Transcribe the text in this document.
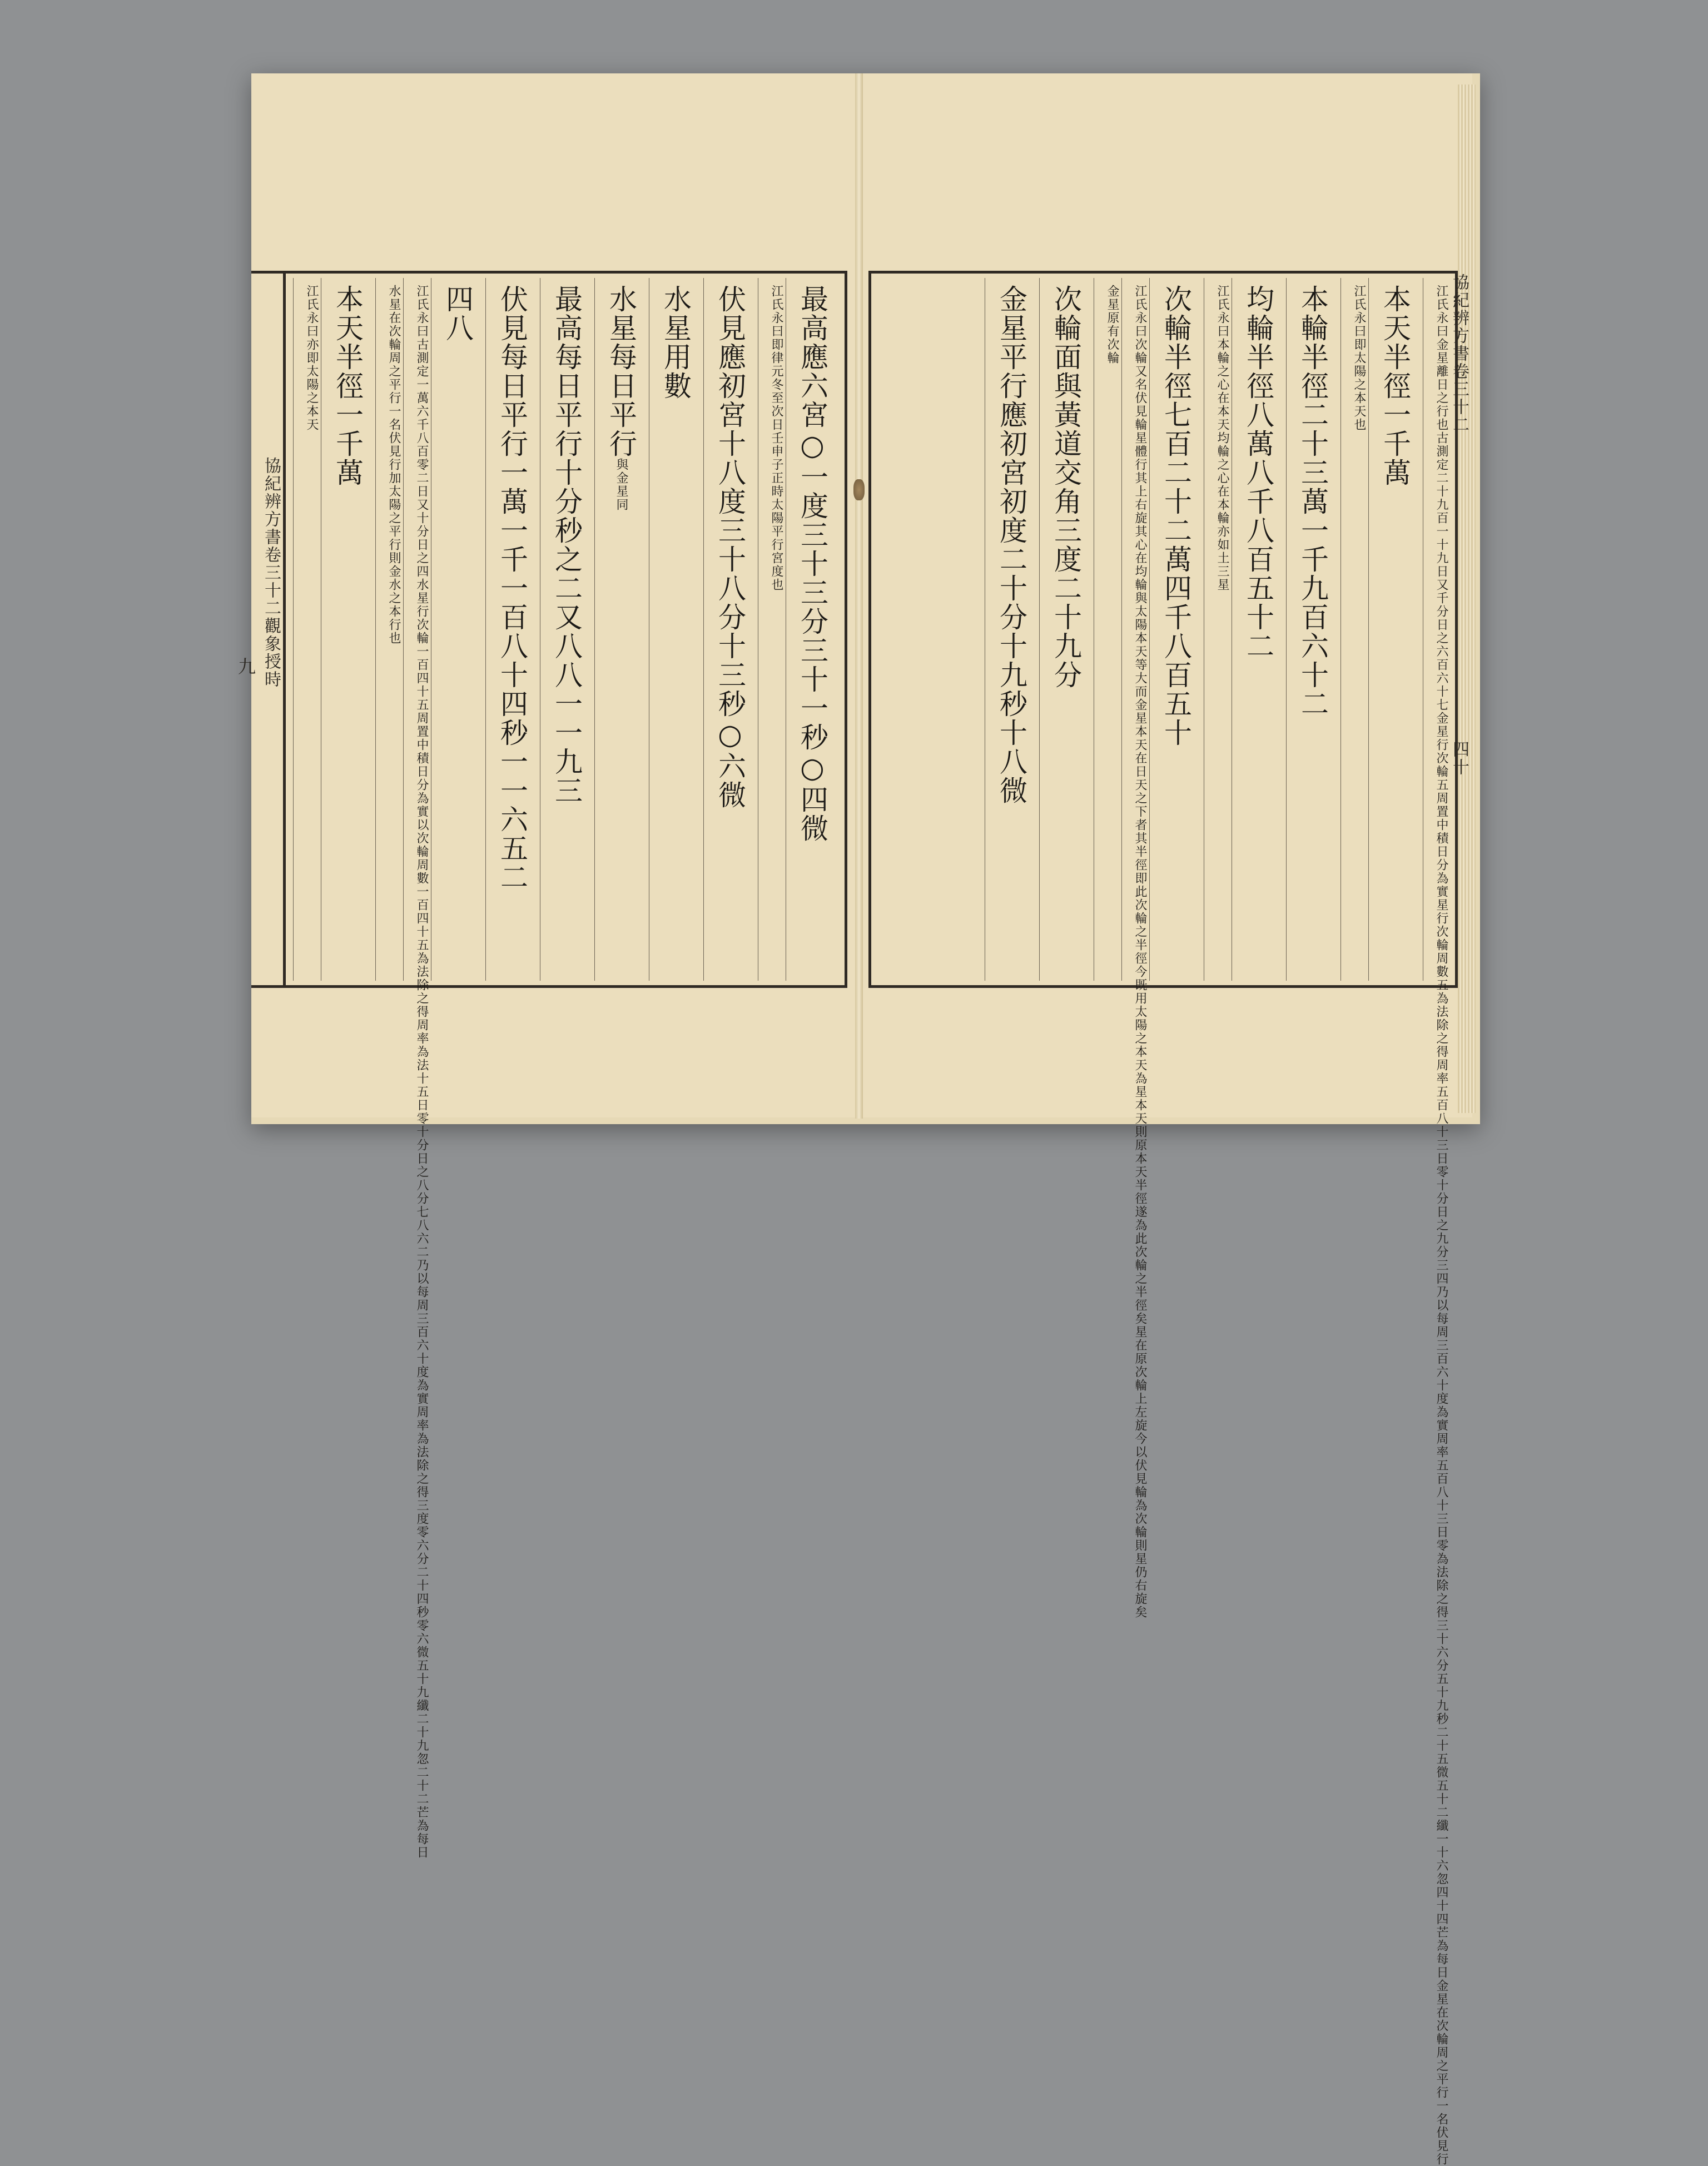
協紀辨方書卷三十二觀象授時
九	最高應六宮○一度三十三分三十一秒○四微
江氏永曰即律元冬至次日壬申子正時太陽平行宮度也
伏見應初宮十八度三十八分十三秒○六微
水星用數
水星每日平行與金星同
最高每日平行十分秒之二又八八一一九三
伏見每日平行一萬一千一百八十四秒一一六五二
四八
江氏永曰古測定一萬六千八百零二日又十分日之四水星行次輪一百四十五周置中積日分為實以次輪周數一百四十五為法除之得周率為法十五日零十分日之八分七八六二乃以每周三百六十度為實周率為法除之得三度零六分二十四秒零六微五十九纖二十九忽二十二芒為每日
水星在次輪周之平行一名伏見行加太陽之平行則金水之本行也
本天半徑一千萬
江氏永曰亦即太陽之本天	江氏永曰金星離日之行也古測定二十九百一十九日又千分日之六百六十七金星行次輪五周置中積日分為實星行次輪周數五為法除之得周率五百八十三日零十分日之九分三四乃以每周三百六十度為實周率五百八十三日零為法除之得三十六分五十九秒二十五微五十二纖一十六忽四十四芒為每日金星在次輪周之平行一名伏見行
本天半徑一千萬
江氏永曰即太陽之本天也
本輪半徑二十三萬一千九百六十二
均輪半徑八萬八千八百五十二
江氏永曰本輪之心在本天均輪之心在本輪亦如土三星
次輪半徑七百二十二萬四千八百五十
江氏永曰次輪又名伏見輪星體行其上右旋其心在均輪與太陽本天等大而金星本天在日天之下者其半徑即此次輪之半徑今既用太陽之本天為星本天則原本天半徑遂為此次輪之半徑矣星在原次輪上左旋今以伏見輪為次輪則星仍右旋矣
金星原有次輪
次輪面與黃道交角三度二十九分
金星平行應初宮初度二十分十九秒十八微	協紀辨方書卷三十二
四十
